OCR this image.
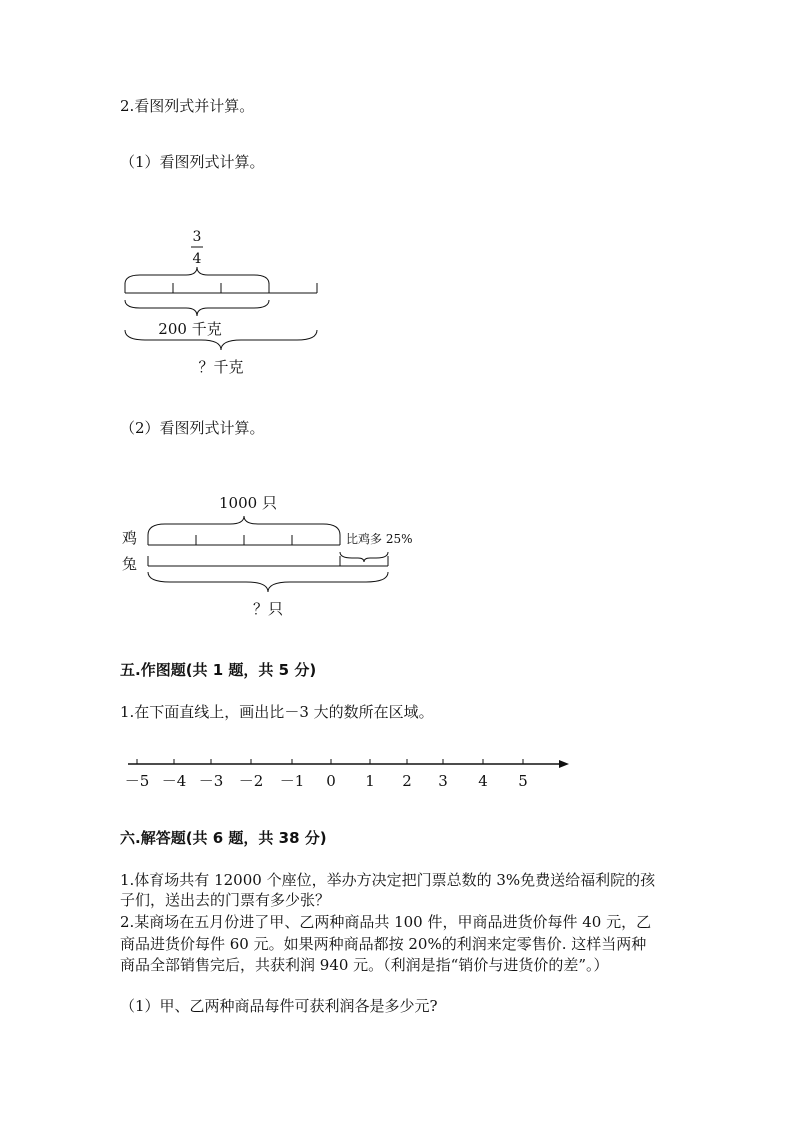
2.看图列式并计算。
（1）看图列式计算。
3
4
200 千克
？千克
（2）看图列式计算。
1000 只
鸡	比鸡多 25%
兔
？只
五.作图题(共 1 题，共 5 分)
1.在下面直线上，画出比－3 大的数所在区域。
－5 －4 －3 －2 －1 0 1 2 3 4 5
六.解答题(共 6 题，共 38 分)
1.体育场共有 12000 个座位，举办方决定把门票总数的 3%免费送给福利院的孩
子们，送出去的门票有多少张？
2.某商场在五月份进了甲、乙两种商品共 100 件，甲商品进货价每件 40 元，乙
商品进货价每件 60 元。如果两种商品都按 20%的利润来定零售价. 这样当两种
商品全部销售完后，共获利润 940 元。（利润是指“销价与进货价的差”。）
（1）甲、乙两种商品每件可获利润各是多少元?
